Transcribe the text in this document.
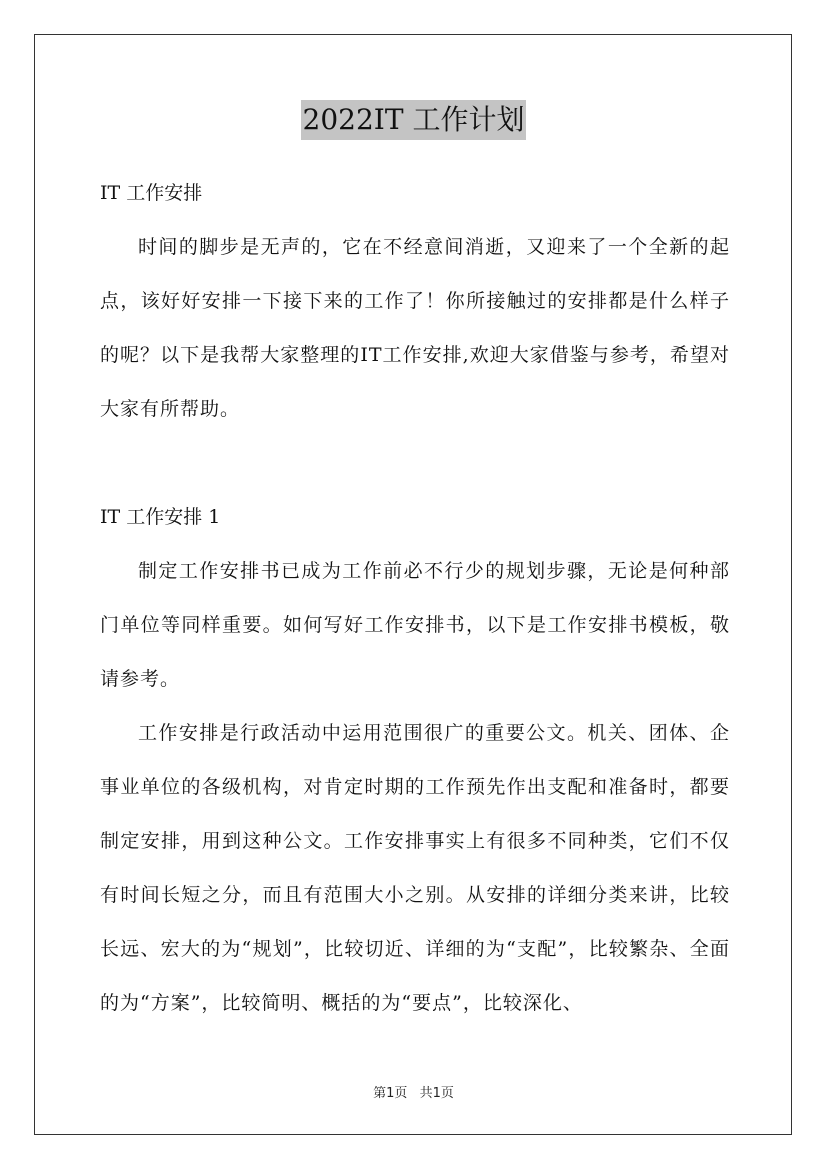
2022IT 工作计划

IT 工作安排

时间的脚步是无声的，它在不经意间消逝，又迎来了一个全新的起点，该好好安排一下接下来的工作了！你所接触过的安排都是什么样子的呢？以下是我帮大家整理的IT工作安排,欢迎大家借鉴与参考，希望对大家有所帮助。

IT 工作安排 1

制定工作安排书已成为工作前必不行少的规划步骤，无论是何种部门单位等同样重要。如何写好工作安排书，以下是工作安排书模板，敬请参考。

工作安排是行政活动中运用范围很广的重要公文。机关、团体、企事业单位的各级机构，对肯定时期的工作预先作出支配和准备时，都要制定安排，用到这种公文。工作安排事实上有很多不同种类，它们不仅有时间长短之分，而且有范围大小之别。从安排的详细分类来讲，比较长远、宏大的为“规划”，比较切近、详细的为“支配”，比较繁杂、全面的为“方案”，比较简明、概括的为“要点”，比较深化、

第1页 共1页
